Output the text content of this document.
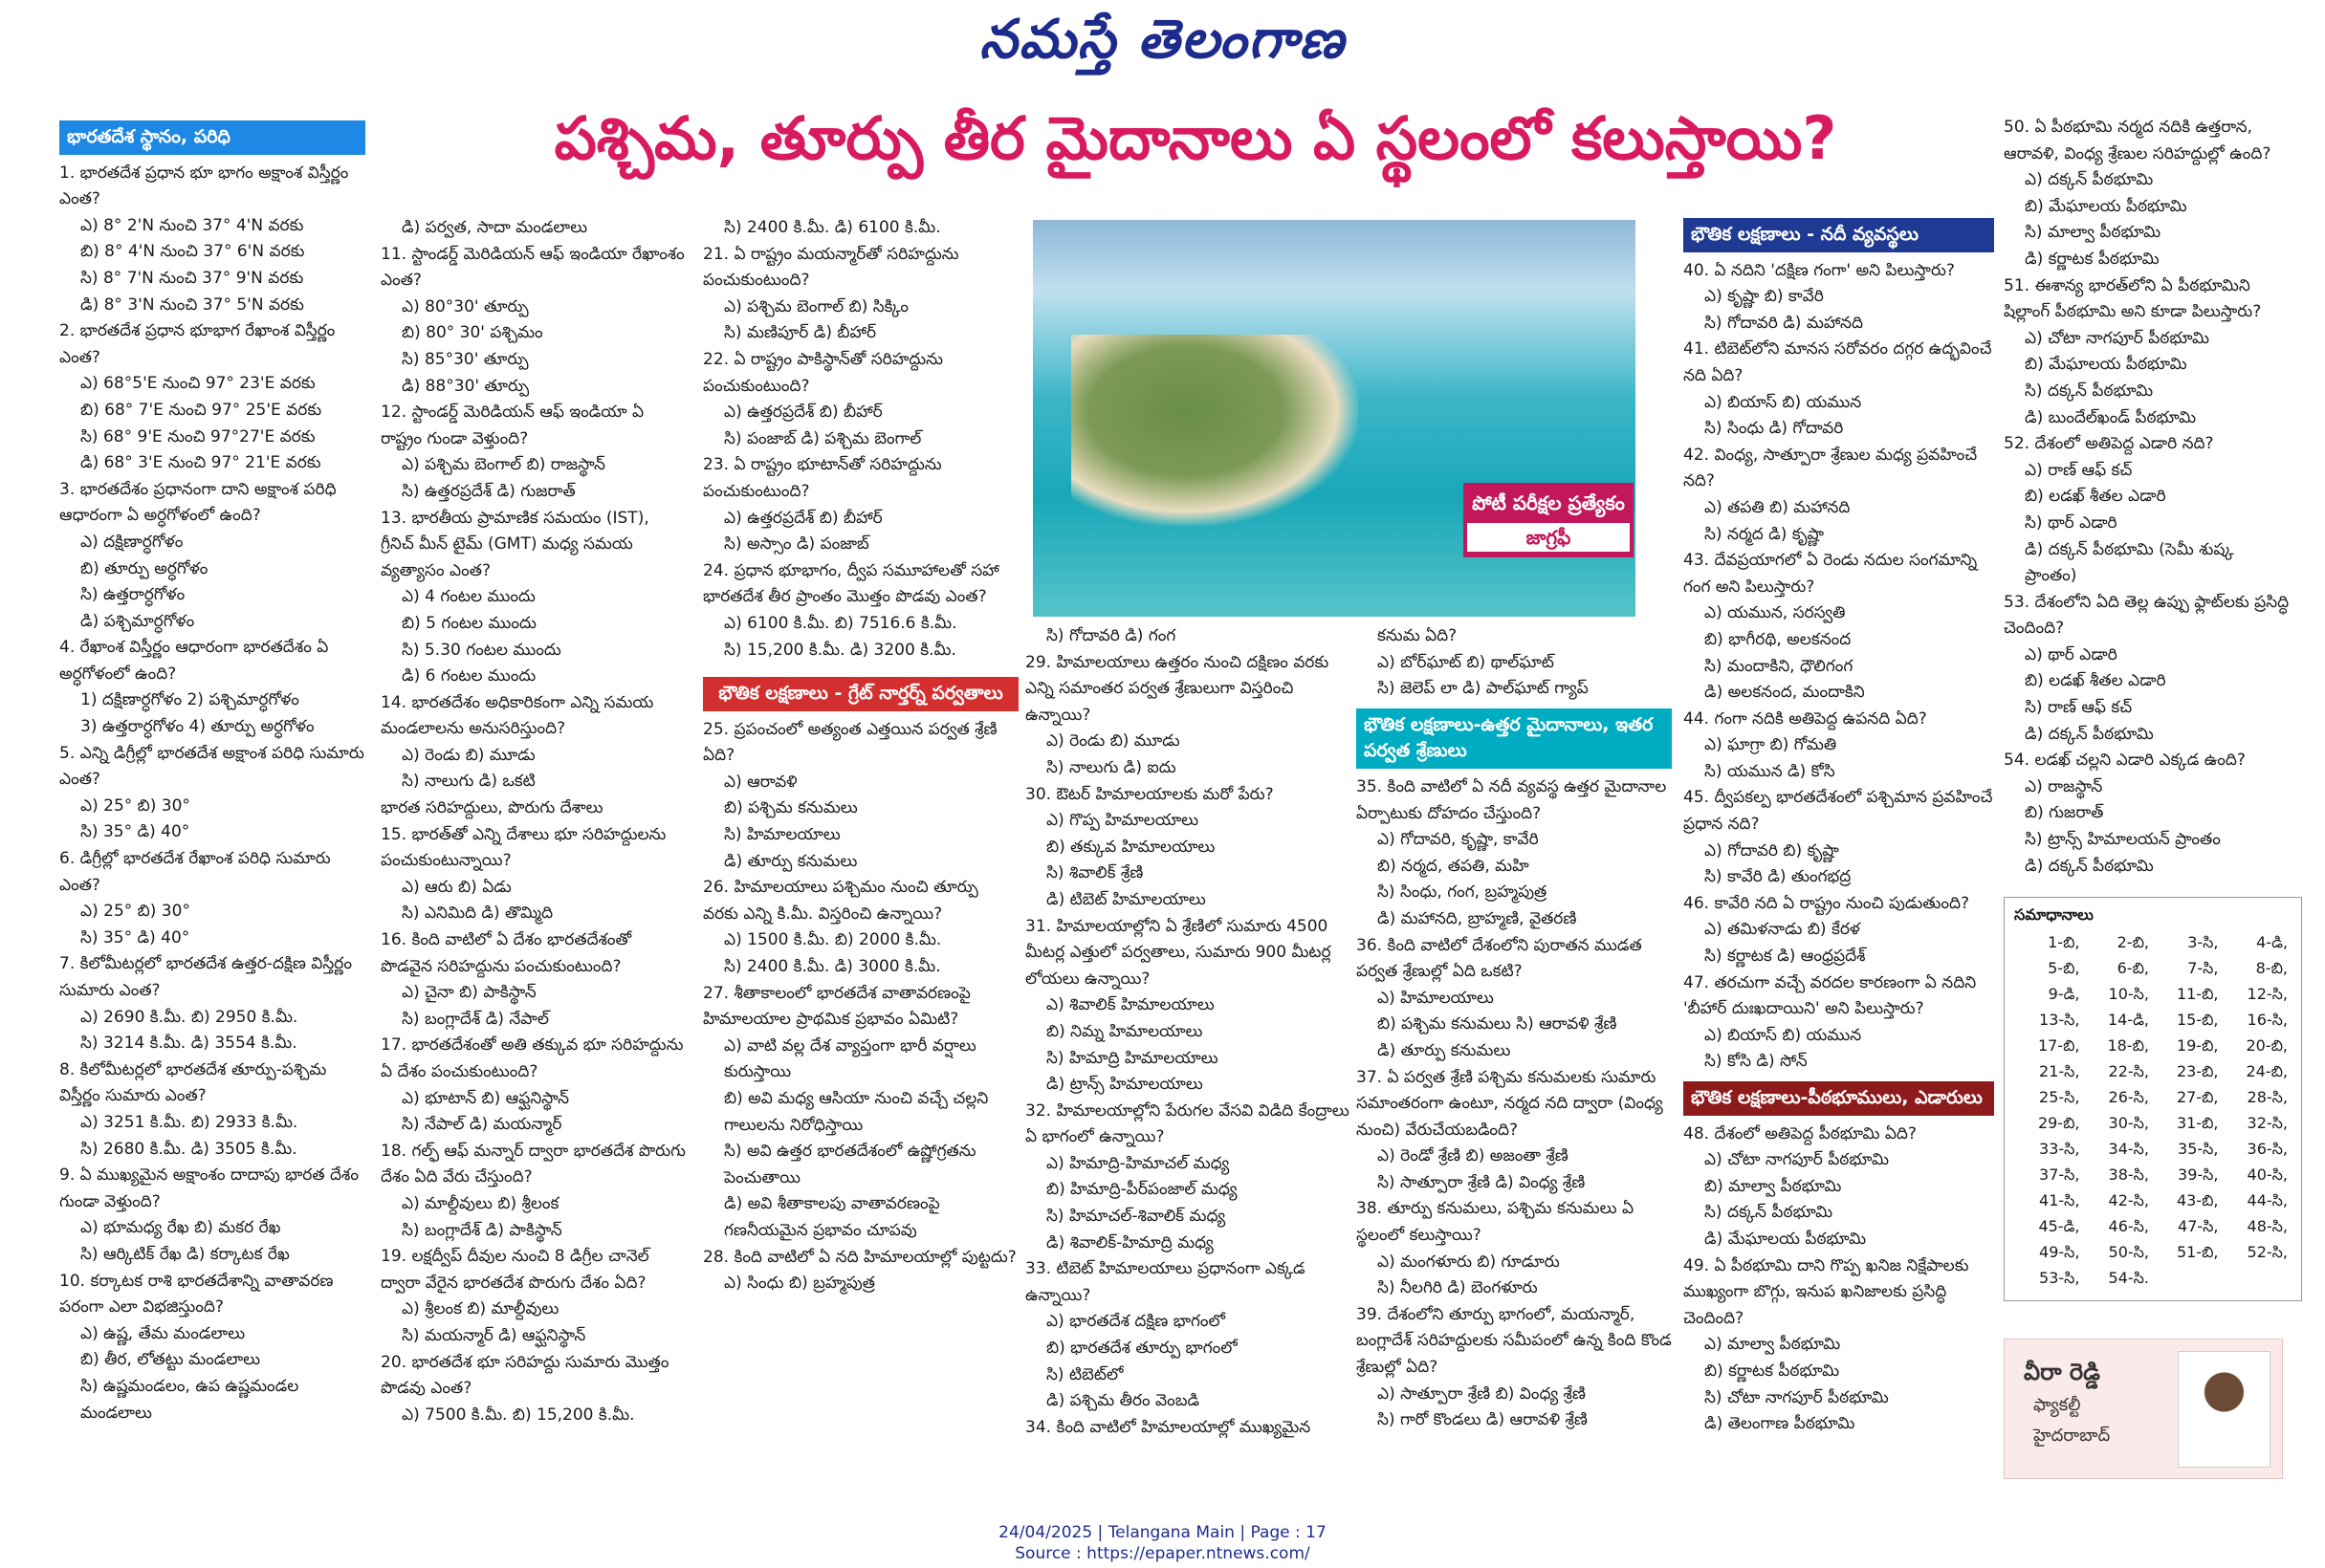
నమస్తే తెలంగాణ
పశ్చిమ, తూర్పు తీర మైదానాలు ఏ స్థలంలో కలుస్తాయి?
భారతదేశ స్థానం, పరిధి
1. భారతదేశ ప్రధాన భూ భాగం అక్షాంశ విస్తీర్ణం ఎంత?
ఎ) 8° 2'N నుంచి 37° 4'N వరకు
బి) 8° 4'N నుంచి 37° 6'N వరకు
సి) 8° 7'N నుంచి 37° 9'N వరకు
డి) 8° 3'N నుంచి 37° 5'N వరకు
2. భారతదేశ ప్రధాన భూభాగ రేఖాంశ విస్తీర్ణం ఎంత?
ఎ) 68°5'E నుంచి 97° 23'E వరకు
బి) 68° 7'E నుంచి 97° 25'E వరకు
సి) 68° 9'E నుంచి 97°27'E వరకు
డి) 68° 3'E నుంచి 97° 21'E వరకు
3. భారతదేశం ప్రధానంగా దాని అక్షాంశ పరిధి ఆధారంగా ఏ అర్ధగోళంలో ఉంది?
ఎ) దక్షిణార్ధగోళం
బి) తూర్పు అర్ధగోళం
సి) ఉత్తరార్ధగోళం
డి) పశ్చిమార్ధగోళం
4. రేఖాంశ విస్తీర్ణం ఆధారంగా భారతదేశం ఏ అర్ధగోళంలో ఉంది?
1) దక్షిణార్ధగోళం 2) పశ్చిమార్ధగోళం
3) ఉత్తరార్ధగోళం 4) తూర్పు అర్ధగోళం
5. ఎన్ని డిగ్రీల్లో భారతదేశ అక్షాంశ పరిధి సుమారు ఎంత?
ఎ) 25° బి) 30°
సి) 35° డి) 40°
6. డిగ్రీల్లో భారతదేశ రేఖాంశ పరిధి సుమారు ఎంత?
ఎ) 25° బి) 30°
సి) 35° డి) 40°
7. కిలోమీటర్లలో భారతదేశ ఉత్తర-దక్షిణ విస్తీర్ణం సుమారు ఎంత?
ఎ) 2690 కి.మీ. బి) 2950 కి.మీ.
సి) 3214 కి.మీ. డి) 3554 కి.మీ.
8. కిలోమీటర్లలో భారతదేశ తూర్పు-పశ్చిమ విస్తీర్ణం సుమారు ఎంత?
ఎ) 3251 కి.మీ. బి) 2933 కి.మీ.
సి) 2680 కి.మీ. డి) 3505 కి.మీ.
9. ఏ ముఖ్యమైన అక్షాంశం దాదాపు భారత దేశం గుండా వెళ్తుంది?
ఎ) భూమధ్య రేఖ బి) మకర రేఖ
సి) ఆర్కిటిక్ రేఖ డి) కర్కాటక రేఖ
10. కర్కాటక రాశి భారతదేశాన్ని వాతావరణ పరంగా ఎలా విభజిస్తుంది?
ఎ) ఉష్ణ, తేమ మండలాలు
బి) తీర, లోతట్టు మండలాలు
సి) ఉష్ణమండలం, ఉప ఉష్ణమండల మండలాలు
డి) పర్వత, సాదా మండలాలు
11. స్టాండర్డ్ మెరిడియన్ ఆఫ్ ఇండియా రేఖాంశం ఎంత?
ఎ) 80°30' తూర్పు
బి) 80° 30' పశ్చిమం
సి) 85°30' తూర్పు
డి) 88°30' తూర్పు
12. స్టాండర్డ్ మెరిడియన్ ఆఫ్ ఇండియా ఏ రాష్ట్రం గుండా వెళ్తుంది?
ఎ) పశ్చిమ బెంగాల్ బి) రాజస్థాన్
సి) ఉత్తరప్రదేశ్ డి) గుజరాత్
13. భారతీయ ప్రామాణిక సమయం (IST), గ్రీనిచ్ మీన్ టైమ్ (GMT) మధ్య సమయ వ్యత్యాసం ఎంత?
ఎ) 4 గంటల ముందు
బి) 5 గంటల ముందు
సి) 5.30 గంటల ముందు
డి) 6 గంటల ముందు
14. భారతదేశం అధికారికంగా ఎన్ని సమయ మండలాలను అనుసరిస్తుంది?
ఎ) రెండు బి) మూడు
సి) నాలుగు డి) ఒకటి
భారత సరిహద్దులు, పొరుగు దేశాలు
15. భారత్‌తో ఎన్ని దేశాలు భూ సరిహద్దులను పంచుకుంటున్నాయి?
ఎ) ఆరు బి) ఏడు
సి) ఎనిమిది డి) తొమ్మిది
16. కింది వాటిలో ఏ దేశం భారతదేశంతో పొడవైన సరిహద్దును పంచుకుంటుంది?
ఎ) చైనా బి) పాకిస్థాన్
సి) బంగ్లాదేశ్ డి) నేపాల్
17. భారతదేశంతో అతి తక్కువ భూ సరిహద్దును ఏ దేశం పంచుకుంటుంది?
ఎ) భూటాన్ బి) ఆఫ్ఘనిస్థాన్
సి) నేపాల్ డి) మయన్మార్
18. గల్ఫ్ ఆఫ్ మన్నార్ ద్వారా భారతదేశ పొరుగు దేశం ఏది వేరు చేస్తుంది?
ఎ) మాల్దీవులు బి) శ్రీలంక
సి) బంగ్లాదేశ్ డి) పాకిస్థాన్
19. లక్షద్వీప్ దీవుల నుంచి 8 డిగ్రీల చానెల్ ద్వారా వేరైన భారతదేశ పొరుగు దేశం ఏది?
ఎ) శ్రీలంక బి) మాల్దీవులు
సి) మయన్మార్ డి) ఆఫ్ఘనిస్థాన్
20. భారతదేశ భూ సరిహద్దు సుమారు మొత్తం పొడవు ఎంత?
ఎ) 7500 కి.మీ. బి) 15,200 కి.మీ.
సి) 2400 కి.మీ. డి) 6100 కి.మీ.
21. ఏ రాష్ట్రం మయన్మార్‌తో సరిహద్దును పంచుకుంటుంది?
ఎ) పశ్చిమ బెంగాల్ బి) సిక్కిం
సి) మణిపూర్ డి) బీహార్
22. ఏ రాష్ట్రం పాకిస్థాన్‌తో సరిహద్దును పంచుకుంటుంది?
ఎ) ఉత్తరప్రదేశ్ బి) బీహార్
సి) పంజాబ్ డి) పశ్చిమ బెంగాల్
23. ఏ రాష్ట్రం భూటాన్‌తో సరిహద్దును పంచుకుంటుంది?
ఎ) ఉత్తరప్రదేశ్ బి) బీహార్
సి) అస్సాం డి) పంజాబ్
24. ప్రధాన భూభాగం, ద్వీప సమూహాలతో సహా భారతదేశ తీర ప్రాంతం మొత్తం పొడవు ఎంత?
ఎ) 6100 కి.మీ. బి) 7516.6 కి.మీ.
సి) 15,200 కి.మీ. డి) 3200 కి.మీ.
భౌతిక లక్షణాలు - గ్రేట్ నార్తర్న్ పర్వతాలు
25. ప్రపంచంలో అత్యంత ఎత్తయిన పర్వత శ్రేణి ఏది?
ఎ) ఆరావళి
బి) పశ్చిమ కనుమలు
సి) హిమాలయాలు
డి) తూర్పు కనుమలు
26. హిమాలయాలు పశ్చిమం నుంచి తూర్పు వరకు ఎన్ని కి.మీ. విస్తరించి ఉన్నాయి?
ఎ) 1500 కి.మీ. బి) 2000 కి.మీ.
సి) 2400 కి.మీ. డి) 3000 కి.మీ.
27. శీతాకాలంలో భారతదేశ వాతావరణంపై హిమాలయాల ప్రాథమిక ప్రభావం ఏమిటి?
ఎ) వాటి వల్ల దేశ వ్యాప్తంగా భారీ వర్షాలు కురుస్తాయి
బి) అవి మధ్య ఆసియా నుంచి వచ్చే చల్లని గాలులను నిరోధిస్తాయి
సి) అవి ఉత్తర భారతదేశంలో ఉష్ణోగ్రతను పెంచుతాయి
డి) అవి శీతాకాలపు వాతావరణంపై గణనీయమైన ప్రభావం చూపవు
28. కింది వాటిలో ఏ నది హిమాలయాల్లో పుట్టదు?
ఎ) సింధు బి) బ్రహ్మపుత్ర
పోటీ పరీక్షల ప్రత్యేకం
జాగ్రఫీ
సి) గోదావరి డి) గంగ
29. హిమాలయాలు ఉత్తరం నుంచి దక్షిణం వరకు ఎన్ని సమాంతర పర్వత శ్రేణులుగా విస్తరించి ఉన్నాయి?
ఎ) రెండు బి) మూడు
సి) నాలుగు డి) ఐదు
30. ఔటర్ హిమాలయాలకు మరో పేరు?
ఎ) గొప్ప హిమాలయాలు
బి) తక్కువ హిమాలయాలు
సి) శివాలిక్ శ్రేణి
డి) టిబెట్ హిమాలయాలు
31. హిమాలయాల్లోని ఏ శ్రేణిలో సుమారు 4500 మీటర్ల ఎత్తులో పర్వతాలు, సుమారు 900 మీటర్ల లోయలు ఉన్నాయి?
ఎ) శివాలిక్ హిమాలయాలు
బి) నిమ్న హిమాలయాలు
సి) హిమాద్రి హిమాలయాలు
డి) ట్రాన్స్ హిమాలయాలు
32. హిమాలయాల్లోని పేరుగల వేసవి విడిది కేంద్రాలు ఏ భాగంలో ఉన్నాయి?
ఎ) హిమాద్రి-హిమాచల్ మధ్య
బి) హిమాద్రి-పీర్‌పంజాల్ మధ్య
సి) హిమాచల్-శివాలిక్ మధ్య
డి) శివాలిక్-హిమాద్రి మధ్య
33. టిబెట్ హిమాలయాలు ప్రధానంగా ఎక్కడ ఉన్నాయి?
ఎ) భారతదేశ దక్షిణ భాగంలో
బి) భారతదేశ తూర్పు భాగంలో
సి) టిబెట్‌లో
డి) పశ్చిమ తీరం వెంబడి
34. కింది వాటిలో హిమాలయాల్లో ముఖ్యమైన
కనుమ ఏది?
ఎ) బోర్‌ఘాట్ బి) థాల్‌ఘాట్
సి) జెలెప్ లా డి) పాల్‌ఘాట్ గ్యాప్
భౌతిక లక్షణాలు-ఉత్తర మైదానాలు, ఇతర పర్వత శ్రేణులు
35. కింది వాటిలో ఏ నదీ వ్యవస్థ ఉత్తర మైదానాల ఏర్పాటుకు దోహదం చేస్తుంది?
ఎ) గోదావరి, కృష్ణా, కావేరి
బి) నర్మద, తపతి, మహి
సి) సింధు, గంగ, బ్రహ్మపుత్ర
డి) మహానది, బ్రాహ్మణి, వైతరణి
36. కింది వాటిలో దేశంలోని పురాతన ముడత పర్వత శ్రేణుల్లో ఏది ఒకటి?
ఎ) హిమాలయాలు
బి) పశ్చిమ కనుమలు సి) ఆరావళి శ్రేణి
డి) తూర్పు కనుమలు
37. ఏ పర్వత శ్రేణి పశ్చిమ కనుమలకు సుమారు సమాంతరంగా ఉంటూ, నర్మద నది ద్వారా (వింధ్య నుంచి) వేరుచేయబడింది?
ఎ) రెండో శ్రేణి బి) అజంతా శ్రేణి
సి) సాత్పూరా శ్రేణి డి) వింధ్య శ్రేణి
38. తూర్పు కనుమలు, పశ్చిమ కనుమలు ఏ స్థలంలో కలుస్తాయి?
ఎ) మంగళూరు బి) గూడూరు
సి) నీలగిరి డి) బెంగళూరు
39. దేశంలోని తూర్పు భాగంలో, మయన్మార్, బంగ్లాదేశ్ సరిహద్దులకు సమీపంలో ఉన్న కింది కొండ శ్రేణుల్లో ఏది?
ఎ) సాత్పూరా శ్రేణి బి) వింధ్య శ్రేణి
సి) గారో కొండలు డి) ఆరావళి శ్రేణి
భౌతిక లక్షణాలు - నదీ వ్యవస్థలు
40. ఏ నదిని 'దక్షిణ గంగా' అని పిలుస్తారు?
ఎ) కృష్ణా బి) కావేరి
సి) గోదావరి డి) మహానది
41. టిబెట్‌లోని మానస సరోవరం దగ్గర ఉద్భవించే నది ఏది?
ఎ) బియాస్ బి) యమున
సి) సింధు డి) గోదావరి
42. వింధ్య, సాత్పూరా శ్రేణుల మధ్య ప్రవహించే నది?
ఎ) తపతి బి) మహానది
సి) నర్మద డి) కృష్ణా
43. దేవప్రయాగలో ఏ రెండు నదుల సంగమాన్ని గంగ అని పిలుస్తారు?
ఎ) యమున, సరస్వతి
బి) భాగీరథి, అలకనంద
సి) మందాకిని, ధౌలిగంగ
డి) అలకనంద, మందాకిని
44. గంగా నదికి అతిపెద్ద ఉపనది ఏది?
ఎ) ఘాగ్రా బి) గోమతి
సి) యమున డి) కోసి
45. ద్వీపకల్ప భారతదేశంలో పశ్చిమాన ప్రవహించే ప్రధాన నది?
ఎ) గోదావరి బి) కృష్ణా
సి) కావేరి డి) తుంగభద్ర
46. కావేరి నది ఏ రాష్ట్రం నుంచి పుడుతుంది?
ఎ) తమిళనాడు బి) కేరళ
సి) కర్ణాటక డి) ఆంధ్రప్రదేశ్
47. తరచుగా వచ్చే వరదల కారణంగా ఏ నదిని 'బీహార్ దుఃఖదాయిని' అని పిలుస్తారు?
ఎ) బియాస్ బి) యమున
సి) కోసి డి) సోన్
భౌతిక లక్షణాలు-పీఠభూములు, ఎడారులు
48. దేశంలో అతిపెద్ద పీఠభూమి ఏది?
ఎ) చోటా నాగపూర్ పీఠభూమి
బి) మాల్వా పీఠభూమి
సి) దక్కన్ పీఠభూమి
డి) మేఘాలయ పీఠభూమి
49. ఏ పీఠభూమి దాని గొప్ప ఖనిజ నిక్షేపాలకు ముఖ్యంగా బొగ్గు, ఇనుప ఖనిజాలకు ప్రసిద్ధి చెందింది?
ఎ) మాల్వా పీఠభూమి
బి) కర్ణాటక పీఠభూమి
సి) చోటా నాగపూర్ పీఠభూమి
డి) తెలంగాణ పీఠభూమి
50. ఏ పీఠభూమి నర్మద నదికి ఉత్తరాన, ఆరావళి, వింధ్య శ్రేణుల సరిహద్దుల్లో ఉంది?
ఎ) దక్కన్ పీఠభూమి
బి) మేఘాలయ పీఠభూమి
సి) మాల్వా పీఠభూమి
డి) కర్ణాటక పీఠభూమి
51. ఈశాన్య భారత్‌లోని ఏ పీఠభూమిని షిల్లాంగ్ పీఠభూమి అని కూడా పిలుస్తారు?
ఎ) చోటా నాగపూర్ పీఠభూమి
బి) మేఘాలయ పీఠభూమి
సి) దక్కన్ పీఠభూమి
డి) బుందేల్‌ఖండ్ పీఠభూమి
52. దేశంలో అతిపెద్ద ఎడారి నది?
ఎ) రాణ్ ఆఫ్ కచ్
బి) లడఖ్ శీతల ఎడారి
సి) థార్ ఎడారి
డి) దక్కన్ పీఠభూమి (సెమీ శుష్క ప్రాంతం)
53. దేశంలోని ఏది తెల్ల ఉప్పు ఫ్లాట్‌లకు ప్రసిద్ధి చెందింది?
ఎ) థార్ ఎడారి
బి) లడఖ్ శీతల ఎడారి
సి) రాణ్ ఆఫ్ కచ్
డి) దక్కన్ పీఠభూమి
54. లడఖ్ చల్లని ఎడారి ఎక్కడ ఉంది?
ఎ) రాజస్థాన్
బి) గుజరాత్
సి) ట్రాన్స్ హిమాలయన్ ప్రాంతం
డి) దక్కన్ పీఠభూమి
సమాధానాలు
1-బి,	2-బి,	3-సి,	4-డి,
5-బి,	6-బి,	7-సి,	8-బి,
9-డి,	10-సి,	11-బి,	12-సి,
13-సి,	14-డి,	15-బి,	16-సి,
17-బి,	18-బి,	19-బి,	20-బి,
21-సి,	22-సి,	23-బి,	24-బి,
25-సి,	26-సి,	27-బి,	28-సి,
29-బి,	30-సి,	31-బి,	32-సి,
33-సి,	34-సి,	35-సి,	36-సి,
37-సి,	38-సి,	39-సి,	40-సి,
41-సి,	42-సి,	43-బి,	44-సి,
45-డి,	46-సి,	47-సి,	48-సి,
49-సి,	50-సి,	51-బి,	52-సి,
53-సి,	54-సి.		
వీరా రెడ్డి
ఫ్యాకల్టీ
హైదరాబాద్
24/04/2025 | Telangana Main | Page : 17
Source : https://epaper.ntnews.com/
